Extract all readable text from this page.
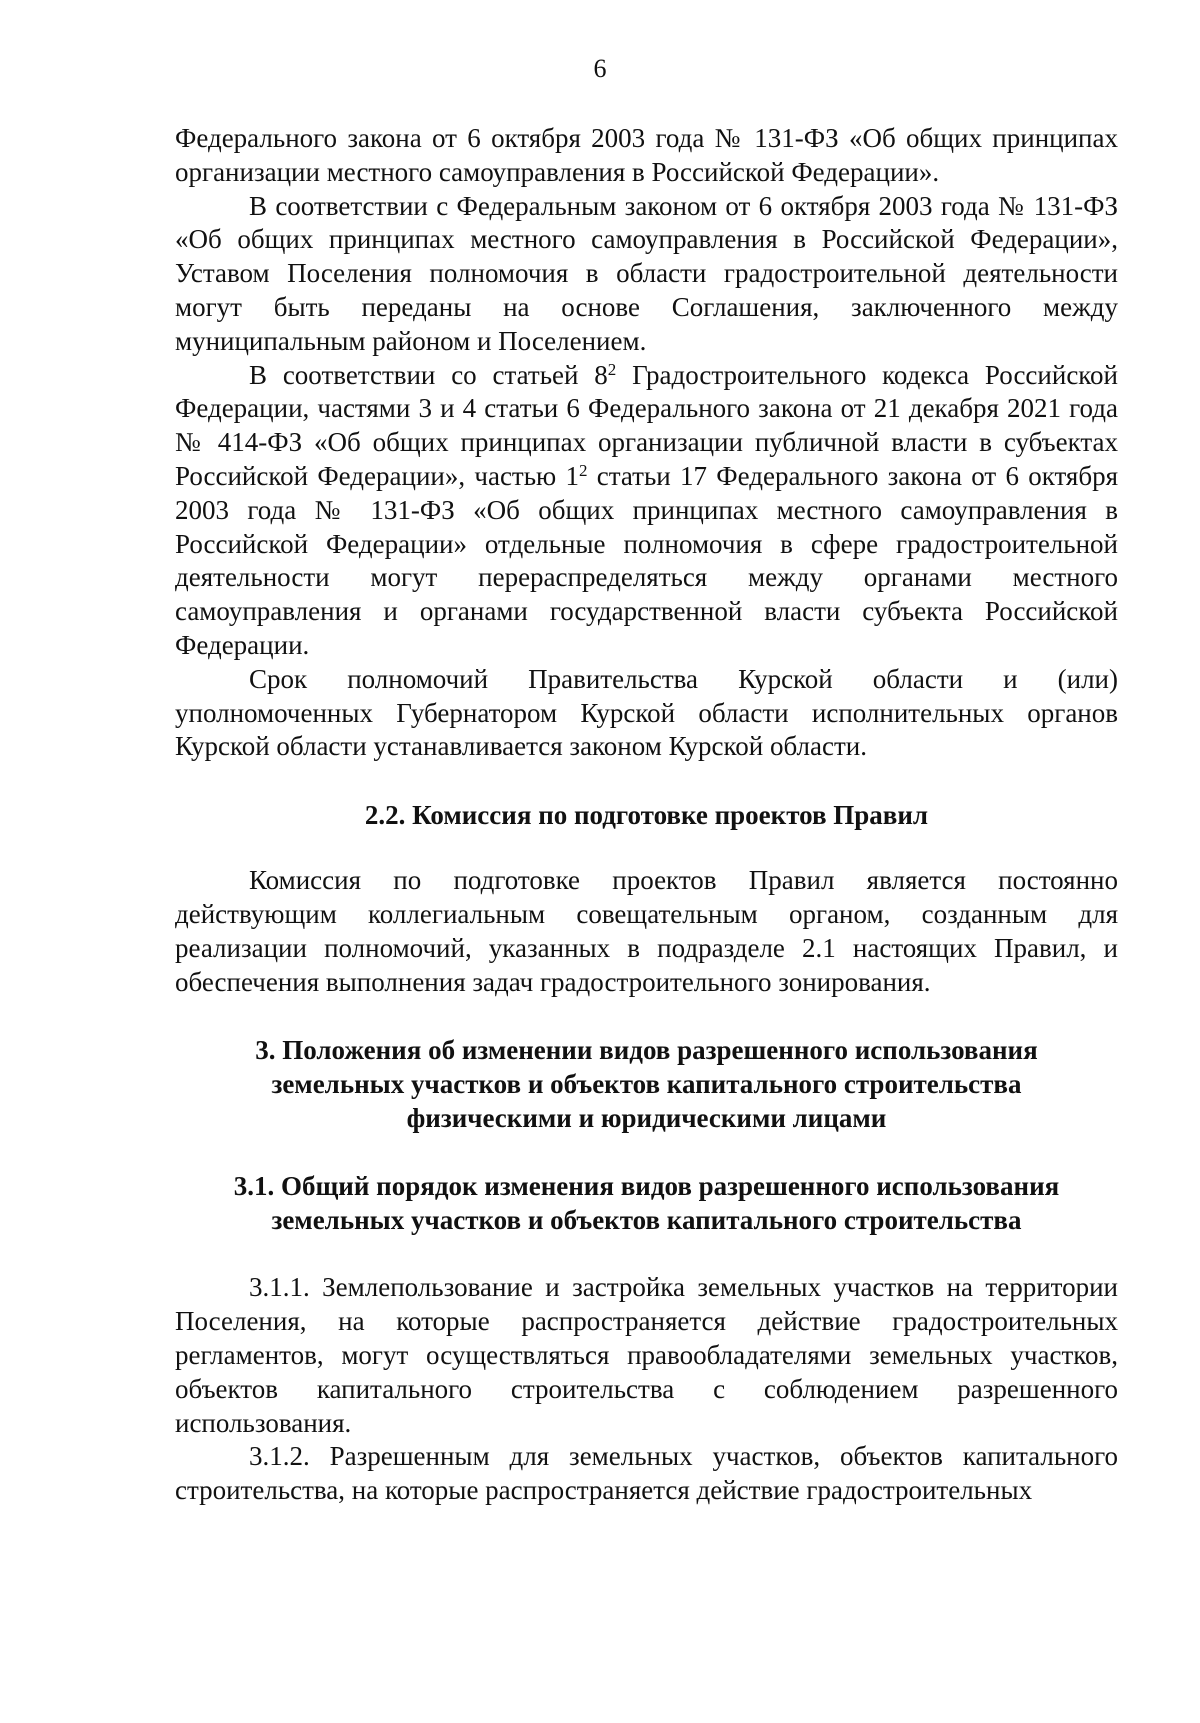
6

Федерального закона от 6 октября 2003 года № 131-ФЗ «Об общих принципах организации местного самоуправления в Российской Федерации».

В соответствии с Федеральным законом от 6 октября 2003 года № 131-ФЗ «Об общих принципах местного самоуправления в Российской Федерации», Уставом Поселения полномочия в области градостроительной деятельности могут быть переданы на основе Соглашения, заключенного между муниципальным районом и Поселением.

В соответствии со статьей $8^2$ Градостроительного кодекса Российской Федерации, частями 3 и 4 статьи 6 Федерального закона от 21 декабря 2021 года № 414-ФЗ «Об общих принципах организации публичной власти в субъектах Российской Федерации», частью $1^2$ статьи 17 Федерального закона от 6 октября 2003 года № 131-ФЗ «Об общих принципах местного самоуправления в Российской Федерации» отдельные полномочия в сфере градостроительной деятельности могут перераспределяться между органами местного самоуправления и органами государственной власти субъекта Российской Федерации.

Срок полномочий Правительства Курской области и (или) уполномоченных Губернатором Курской области исполнительных органов Курской области устанавливается законом Курской области.

2.2. Комиссия по подготовке проектов Правил

Комиссия по подготовке проектов Правил является постоянно действующим коллегиальным совещательным органом, созданным для реализации полномочий, указанных в подразделе 2.1 настоящих Правил, и обеспечения выполнения задач градостроительного зонирования.

3. Положения об изменении видов разрешенного использования
земельных участков и объектов капитального строительства
физическими и юридическими лицами
3.1. Общий порядок изменения видов разрешенного использования
земельных участков и объектов капитального строительства

3.1.1. Землепользование и застройка земельных участков на территории Поселения, на которые распространяется действие градостроительных регламентов, могут осуществляться правообладателями земельных участков, объектов капитального строительства с соблюдением разрешенного использования.

3.1.2. Разрешенным для земельных участков, объектов капитального строительства, на которые распространяется действие градостроительных
